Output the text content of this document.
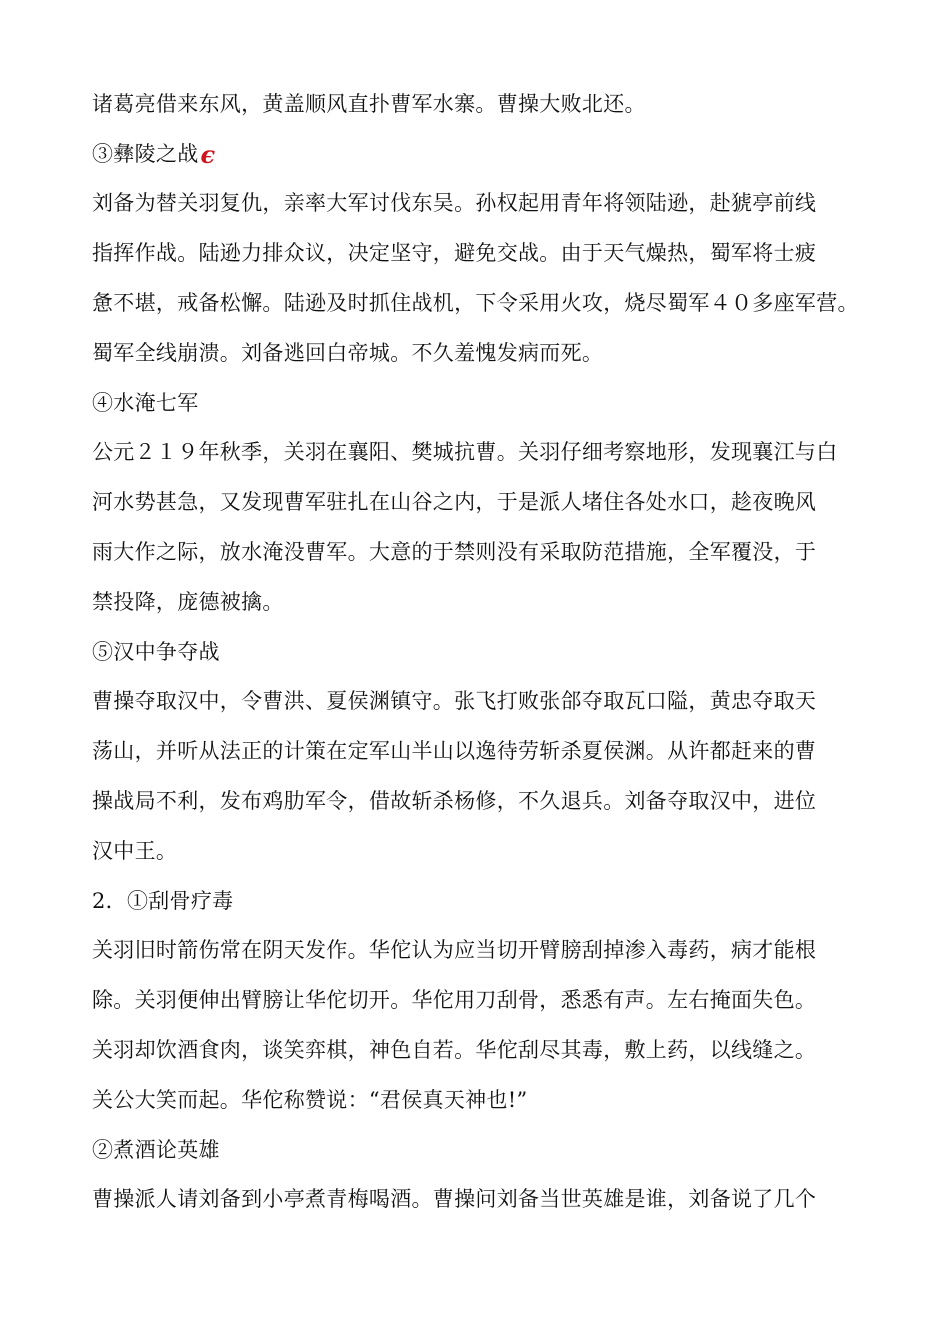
诸葛亮借来东风，黄盖顺风直扑曹军水寨。曹操大败北还。
③彝陵之战є
刘备为替关羽复仇，亲率大军讨伐东吴。孙权起用青年将领陆逊，赴猇亭前线
指挥作战。陆逊力排众议，决定坚守，避免交战。由于天气燥热，蜀军将士疲
惫不堪，戒备松懈。陆逊及时抓住战机，下令采用火攻，烧尽蜀军４０多座军营。
蜀军全线崩溃。刘备逃回白帝城。不久羞愧发病而死。
④水淹七军
公元２１９年秋季，关羽在襄阳、樊城抗曹。关羽仔细考察地形，发现襄江与白
河水势甚急，又发现曹军驻扎在山谷之内，于是派人堵住各处水口，趁夜晚风
雨大作之际，放水淹没曹军。大意的于禁则没有采取防范措施，全军覆没，于
禁投降，庞德被擒。
⑤汉中争夺战
曹操夺取汉中，令曹洪、夏侯渊镇守。张飞打败张郃夺取瓦口隘，黄忠夺取天
荡山，并听从法正的计策在定军山半山以逸待劳斩杀夏侯渊。从许都赶来的曹
操战局不利，发布鸡肋军令，借故斩杀杨修，不久退兵。刘备夺取汉中，进位
汉中王。
2．①刮骨疗毒
关羽旧时箭伤常在阴天发作。华佗认为应当切开臂膀刮掉渗入毒药，病才能根
除。关羽便伸出臂膀让华佗切开。华佗用刀刮骨，悉悉有声。左右掩面失色。
关羽却饮酒食肉，谈笑弈棋，神色自若。华佗刮尽其毒，敷上药，以线缝之。
关公大笑而起。华佗称赞说：“君侯真天神也!”
②煮酒论英雄
曹操派人请刘备到小亭煮青梅喝酒。曹操问刘备当世英雄是谁，刘备说了几个
